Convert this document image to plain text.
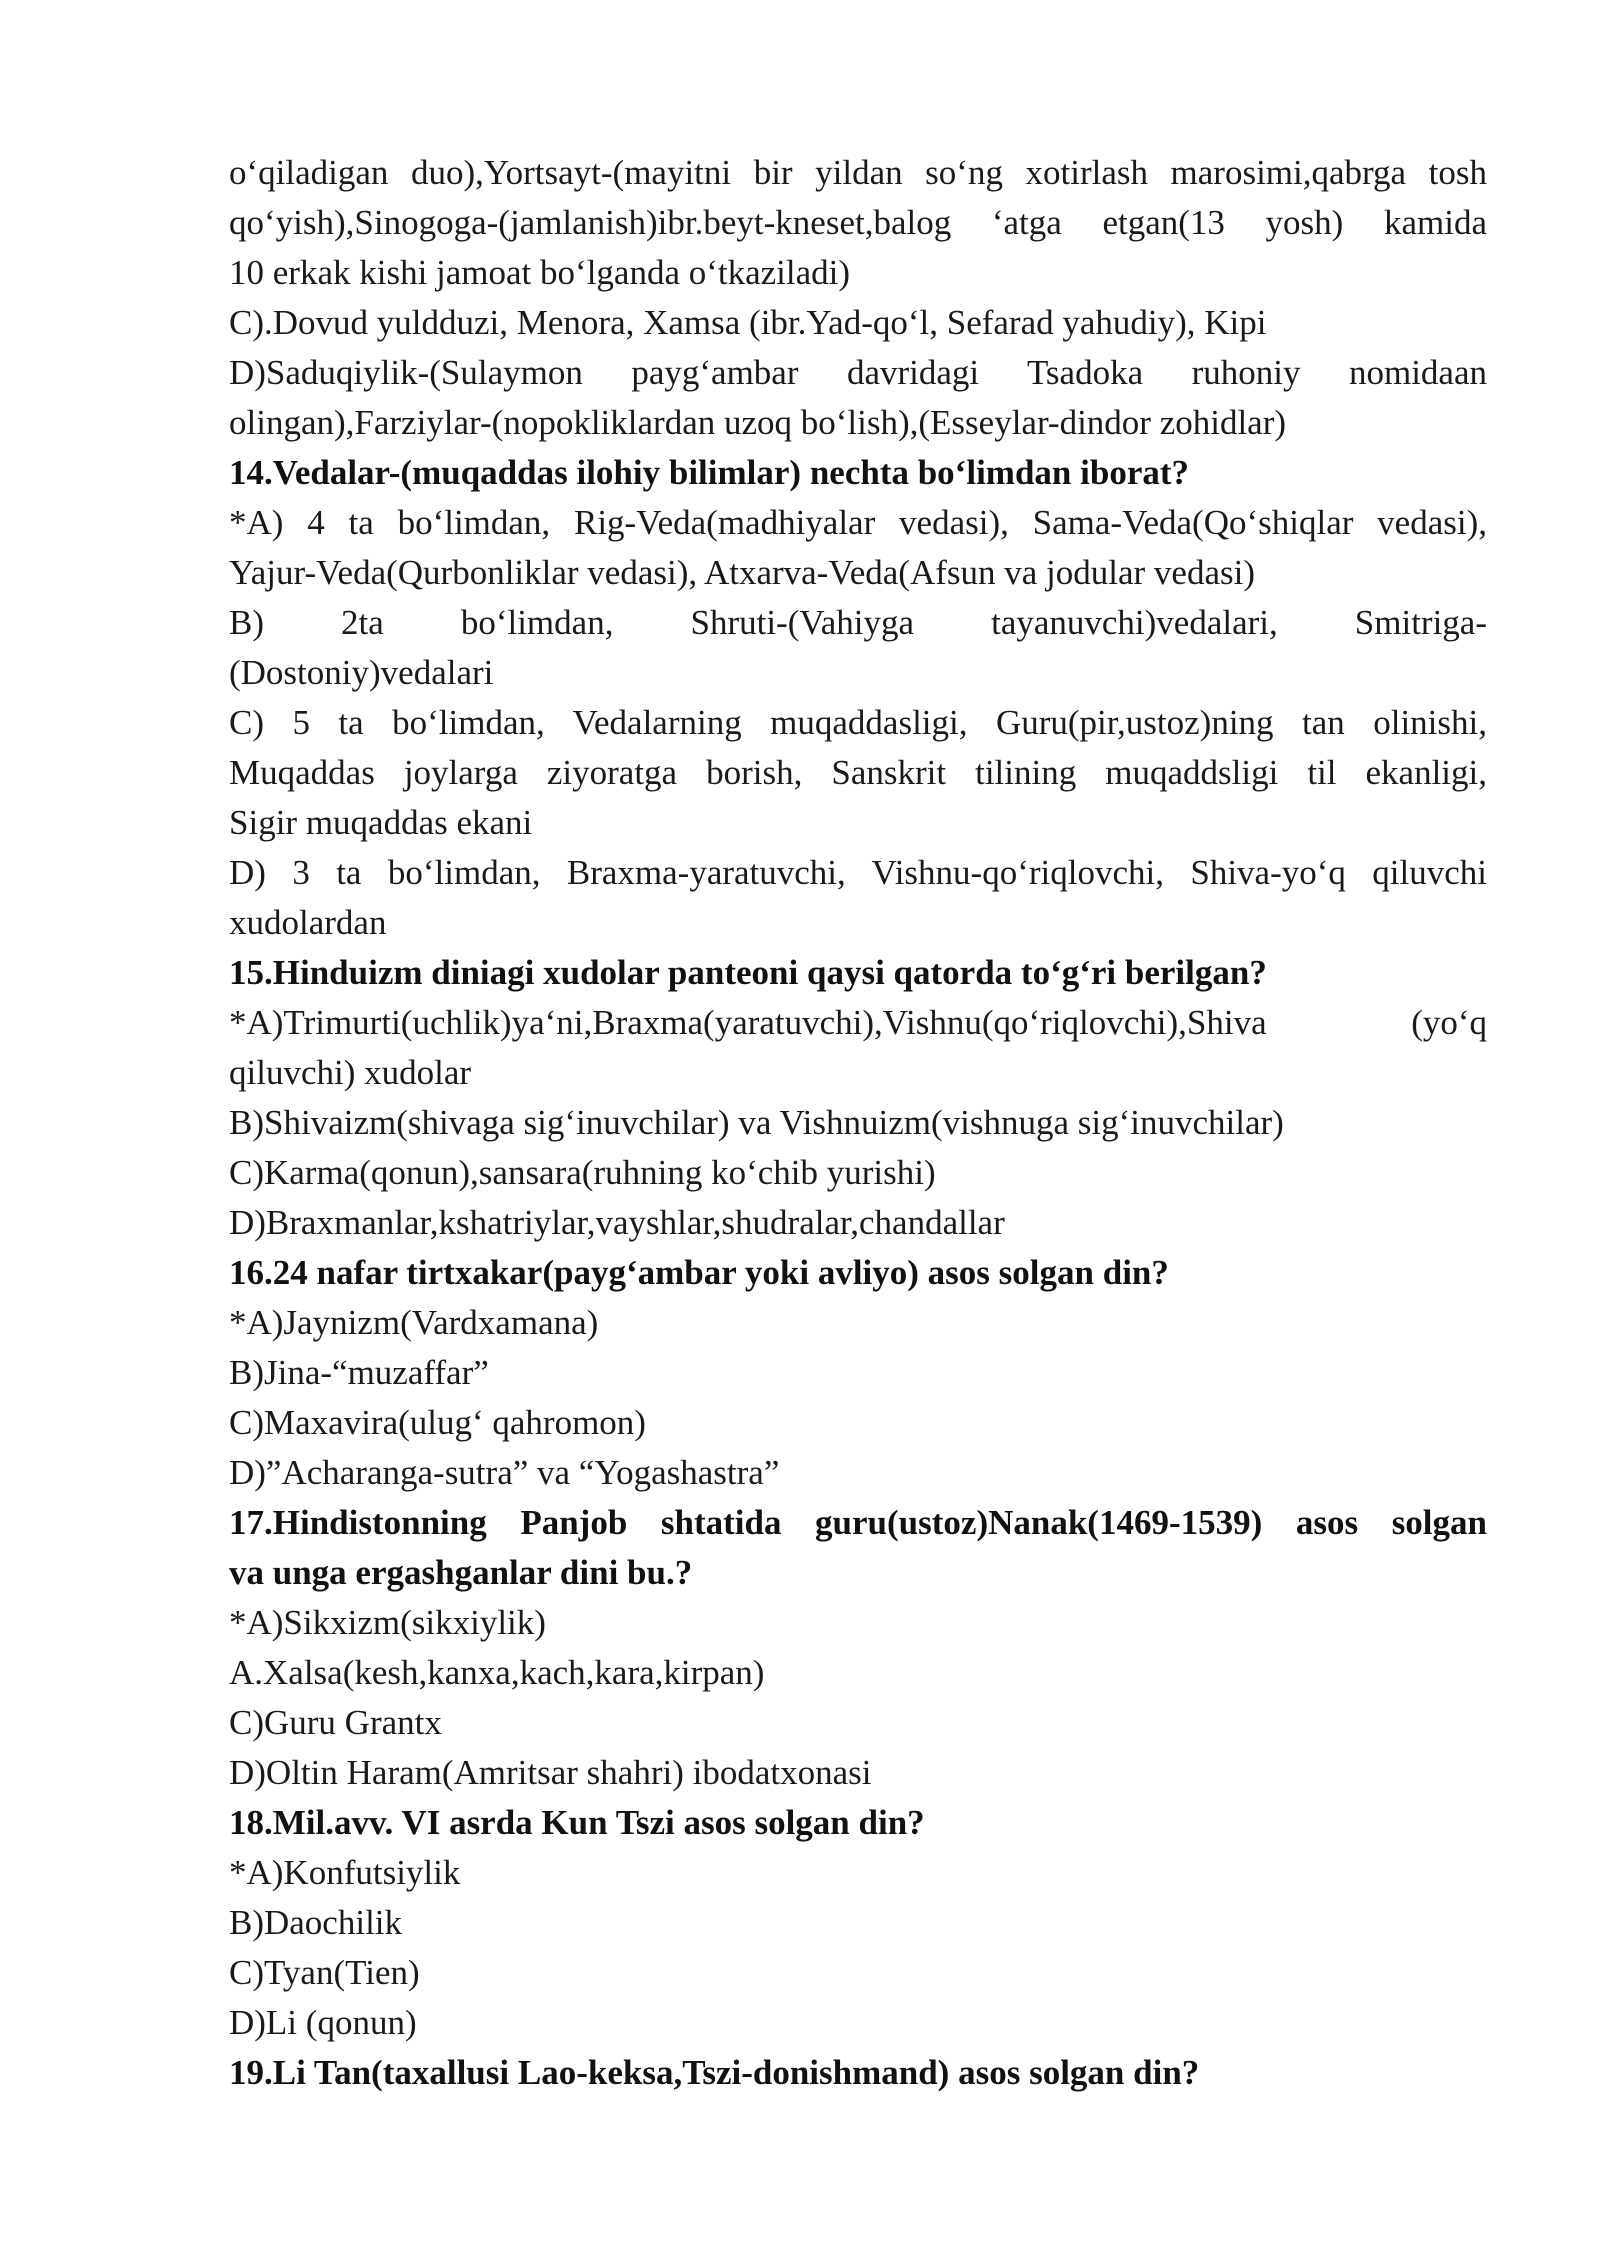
o‘qiladigan duo),Yortsayt-(mayitni bir yildan so‘ng xotirlash marosimi,qabrga tosh
qo‘yish),Sinogoga-(jamlanish)ibr.beyt-kneset,balog ‘atga etgan(13 yosh) kamida
10 erkak kishi jamoat bo‘lganda o‘tkaziladi)
C).Dovud yuldduzi, Menora, Xamsa (ibr.Yad-qo‘l, Sefarad yahudiy), Kipi
D)Saduqiylik-(Sulaymon payg‘ambar davridagi Tsadoka ruhoniy nomidaan
olingan),Farziylar-(nopokliklardan uzoq bo‘lish),(Esseylar-dindor zohidlar)
14.Vedalar-(muqaddas ilohiy bilimlar) nechta bo‘limdan iborat?
*A) 4 ta bo‘limdan, Rig-Veda(madhiyalar vedasi), Sama-Veda(Qo‘shiqlar vedasi),
Yajur-Veda(Qurbonliklar vedasi), Atxarva-Veda(Afsun va jodular vedasi)
B) 2ta bo‘limdan, Shruti-(Vahiyga tayanuvchi)vedalari, Smitriga-
(Dostoniy)vedalari
C) 5 ta bo‘limdan, Vedalarning muqaddasligi, Guru(pir,ustoz)ning tan olinishi,
Muqaddas joylarga ziyoratga borish, Sanskrit tilining muqaddsligi til ekanligi,
Sigir muqaddas ekani
D) 3 ta bo‘limdan, Braxma-yaratuvchi, Vishnu-qo‘riqlovchi, Shiva-yo‘q qiluvchi
xudolardan
15.Hinduizm diniagi xudolar panteoni qaysi qatorda to‘g‘ri berilgan?
*A)Trimurti(uchlik)ya‘ni,Braxma(yaratuvchi),Vishnu(qo‘riqlovchi),Shiva (yo‘q
qiluvchi) xudolar
B)Shivaizm(shivaga sig‘inuvchilar) va Vishnuizm(vishnuga sig‘inuvchilar)
C)Karma(qonun),sansara(ruhning ko‘chib yurishi)
D)Braxmanlar,kshatriylar,vayshlar,shudralar,chandallar
16.24 nafar tirtxakar(payg‘ambar yoki avliyo) asos solgan din?
*A)Jaynizm(Vardxamana)
B)Jina-“muzaffar”
C)Maxavira(ulug‘ qahromon)
D)”Acharanga-sutra” va “Yogashastra”
17.Hindistonning Panjob shtatida guru(ustoz)Nanak(1469-1539) asos solgan
va unga ergashganlar dini bu.?
*A)Sikxizm(sikxiylik)
A.Xalsa(kesh,kanxa,kach,kara,kirpan)
C)Guru Grantx
D)Oltin Haram(Amritsar shahri) ibodatxonasi
18.Mil.avv. VI asrda Kun Tszi asos solgan din?
*A)Konfutsiylik
B)Daochilik
C)Tyan(Tien)
D)Li (qonun)
19.Li Tan(taxallusi Lao-keksa,Tszi-donishmand) asos solgan din?
